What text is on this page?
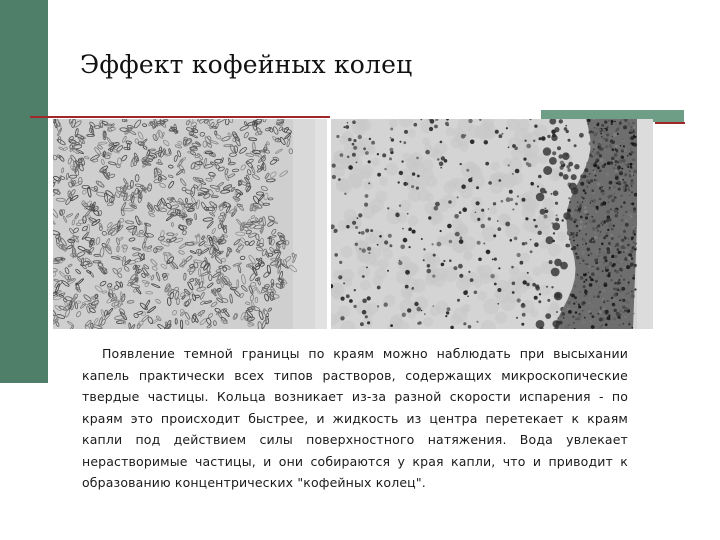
Эффект кофейных колец
Появление темной границы по краям можно наблюдать при высыхании капель практически всех типов растворов, содержащих микроскопические твердые частицы. Кольца возникает из-за разной скорости испарения - по краям это происходит быстрее, и жидкость из центра перетекает к краям капли под действием силы поверхностного натяжения. Вода увлекает нерастворимые частицы, и они собираются у края капли, что и приводит к образованию концентрических "кофейных колец".
